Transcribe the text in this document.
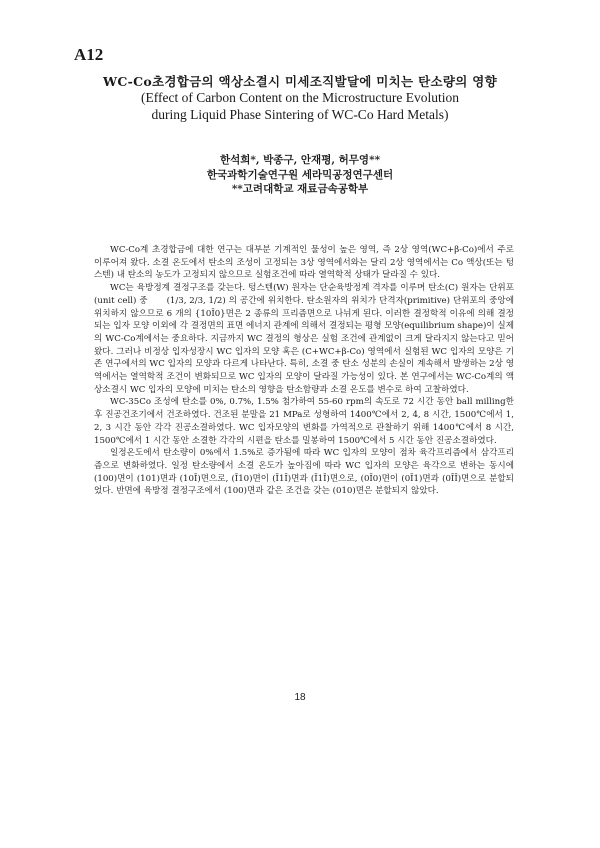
A12
WC-Co초경합금의 액상소결시 미세조직발달에 미치는 탄소량의 영향
(Effect of Carbon Content on the Microstructure Evolution
during Liquid Phase Sintering of WC-Co Hard Metals)
한석희*, 박종구, 안재평, 허무영**
한국과학기술연구원 세라믹공정연구센터
**고려대학교 재료금속공학부

WC-Co계 초경합금에 대한 연구는 대부분 기계적인 물성이 높은 영역, 즉 2상 영역(WC+β-Co)에서 주로 이루어져 왔다. 소결 온도에서 탄소의 조성이 고정되는 3상 영역에서와는 달리 2상 영역에서는 Co 액상(또는 텅스텐) 내 탄소의 농도가 고정되지 않으므로 실험조건에 따라 열역학적 상태가 달라질 수 있다.

WC는 육방정계 결정구조를 갖는다. 텅스텐(W) 원자는 단순육방정계 격자를 이루며 탄소(C) 원자는 단위포(unit cell) 중 (1/3, 2/3, 1/2) 의 공간에 위치한다. 탄소원자의 위치가 단격자(primitive) 단위포의 중앙에 위치하지 않으므로 6 개의 {10Ī0}면은 2 종류의 프리즘면으로 나뉘게 된다. 이러한 결정학적 이유에 의해 결정되는 입자 모양 이외에 각 결정면의 표면 에너지 관계에 의해서 결정되는 평형 모양(equilibrium shape)이 실제의 WC-Co계에서는 중요하다. 지금까지 WC 결정의 형상은 실험 조건에 관계없이 크게 달라지지 않는다고 믿어왔다. 그러나 비정상 입자성장시 WC 입자의 모양 혹은 (C+WC+β-Co) 영역에서 실험된 WC 입자의 모양은 기존 연구에서의 WC 입자의 모양과 다르게 나타난다. 특히, 소결 중 탄소 성분의 손실이 계속해서 발생하는 2상 영역에서는 열역학적 조건이 변화되므로 WC 입자의 모양이 달라질 가능성이 있다. 본 연구에서는 WC-Co계의 액상소결시 WC 입자의 모양에 미치는 탄소의 영향을 탄소함량과 소결 온도를 변수로 하여 고찰하였다.

WC-35Co 조성에 탄소를 0%, 0.7%, 1.5% 첨가하여 55-60 rpm의 속도로 72 시간 동안 ball milling한 후 진공건조기에서 건조하였다. 건조된 분말을 21 MPa로 성형하여 1400℃에서 2, 4, 8 시간, 1500℃에서 1, 2, 3 시간 동안 각각 진공소결하였다. WC 입자모양의 변화를 가역적으로 관찰하기 위해 1400℃에서 8 시간, 1500℃에서 1 시간 동안 소결한 각각의 시편을 탄소를 밀봉하여 1500℃에서 5 시간 동안 진공소결하였다.

일정온도에서 탄소량이 0%에서 1.5%로 증가됨에 따라 WC 입자의 모양이 점차 육각프리즘에서 삼각프리즘으로 변화하였다. 일정 탄소량에서 소결 온도가 높아짐에 따라 WC 입자의 모양은 육각으로 변하는 동시에 (100)면이 (101)면과 (10Ī)면으로, (Ī10)면이 (Ī1Ī)면과 (Ī1Ī)면으로, (0Ī0)면이 (0Ī1)면과 (0ĪĪ)면으로 분할되었다. 반면에 육방정 결정구조에서 (100)면과 같은 조건을 갖는 (010)면은 분할되지 않았다.

18
